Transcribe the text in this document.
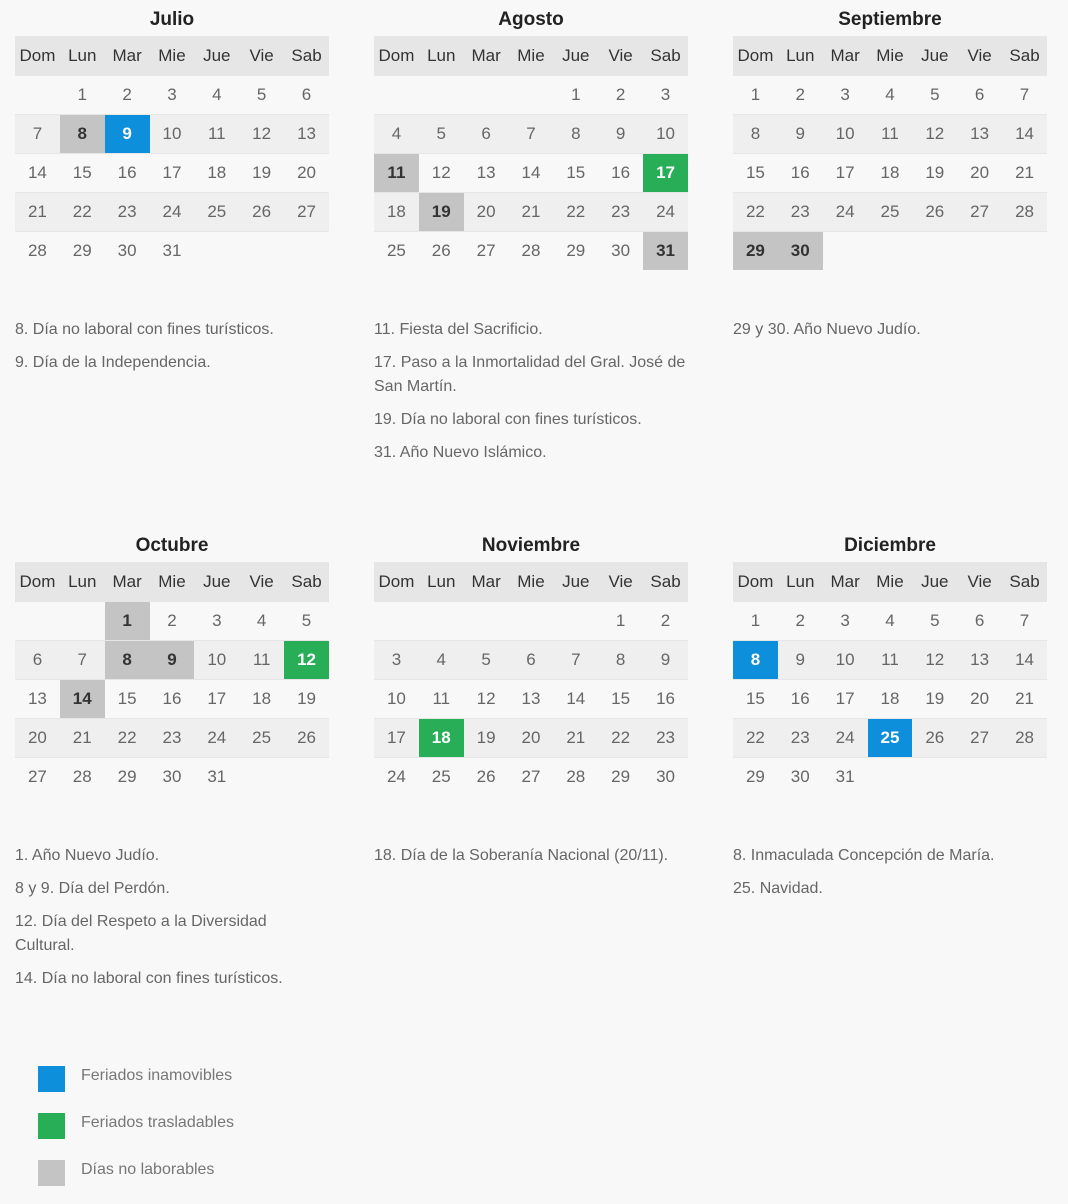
Julio
Dom	Lun	Mar	Mie	Jue	Vie	Sab
	1	2	3	4	5	6
7	8	9	10	11	12	13
14	15	16	17	18	19	20
21	22	23	24	25	26	27
28	29	30	31			
8. Día no laboral con fines turísticos.
9. Día de la Independencia.
Agosto
Dom	Lun	Mar	Mie	Jue	Vie	Sab
				1	2	3
4	5	6	7	8	9	10
11	12	13	14	15	16	17
18	19	20	21	22	23	24
25	26	27	28	29	30	31
11. Fiesta del Sacrificio.
17. Paso a la Inmortalidad del Gral. José de San Martín.
19. Día no laboral con fines turísticos.
31. Año Nuevo Islámico.
Septiembre
Dom	Lun	Mar	Mie	Jue	Vie	Sab
1	2	3	4	5	6	7
8	9	10	11	12	13	14
15	16	17	18	19	20	21
22	23	24	25	26	27	28
29	30					
29 y 30. Año Nuevo Judío.
Octubre
Dom	Lun	Mar	Mie	Jue	Vie	Sab
		1	2	3	4	5
6	7	8	9	10	11	12
13	14	15	16	17	18	19
20	21	22	23	24	25	26
27	28	29	30	31		
1. Año Nuevo Judío.
8 y 9. Día del Perdón.
12. Día del Respeto a la Diversidad Cultural.
14. Día no laboral con fines turísticos.
Noviembre
Dom	Lun	Mar	Mie	Jue	Vie	Sab
					1	2
3	4	5	6	7	8	9
10	11	12	13	14	15	16
17	18	19	20	21	22	23
24	25	26	27	28	29	30
18. Día de la Soberanía Nacional (20/11).
Diciembre
Dom	Lun	Mar	Mie	Jue	Vie	Sab
1	2	3	4	5	6	7
8	9	10	11	12	13	14
15	16	17	18	19	20	21
22	23	24	25	26	27	28
29	30	31				
8. Inmaculada Concepción de María.
25. Navidad.
Feriados inamovibles
Feriados trasladables
Días no laborables
